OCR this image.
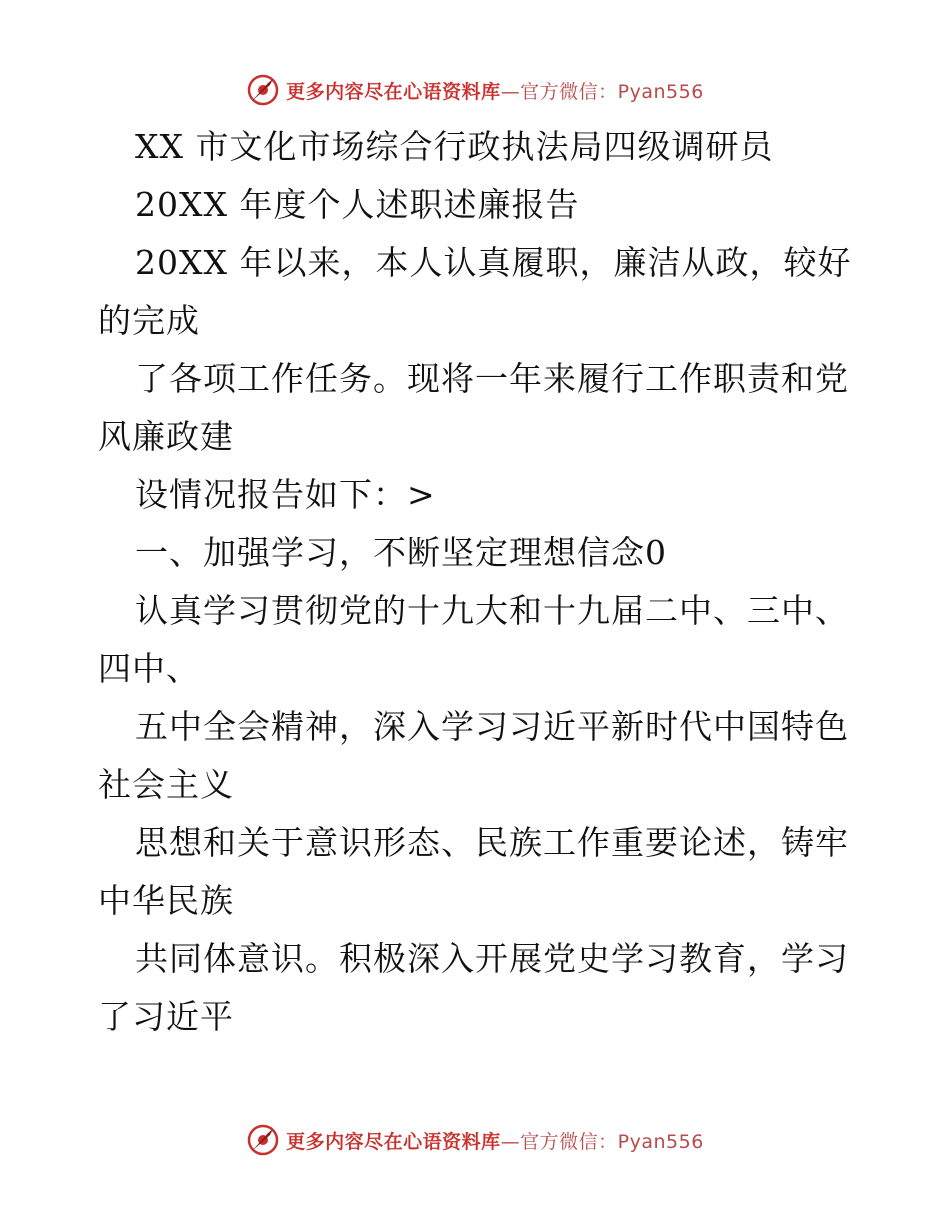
更多内容尽在心语资料库—官方微信：Pyan556
XX 市文化市场综合行政执法局四级调研员
20XX 年度个人述职述廉报告
20XX 年以来，本人认真履职，廉洁从政，较好
的完成
了各项工作任务。现将一年来履行工作职责和党
风廉政建
设情况报告如下：>
一、加强学习，不断坚定理想信念0
认真学习贯彻党的十九大和十九届二中、三中、
四中、
五中全会精神，深入学习习近平新时代中国特色
社会主义
思想和关于意识形态、民族工作重要论述，铸牢
中华民族
共同体意识。积极深入开展党史学习教育，学习
了习近平
更多内容尽在心语资料库—官方微信：Pyan556
